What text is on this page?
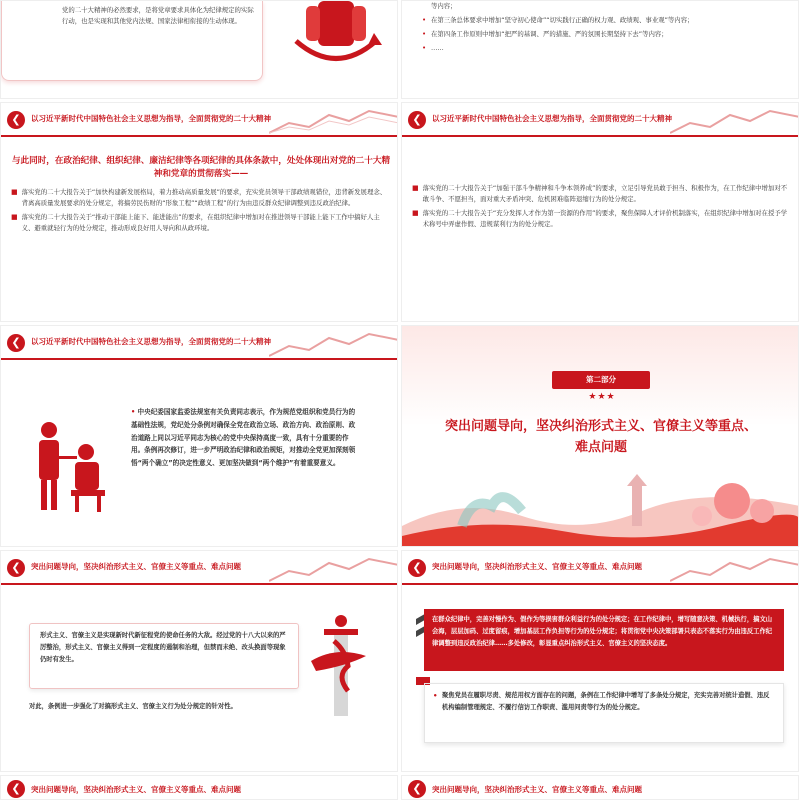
党的二十大精神的必然要求，是将党章要求具体化为纪律规定的实际行动，也是实现和其他党内法规、国家法律相衔接的生动体现。
等内容；
• 在第三条总体要求中增加“坚守初心使命”“切实践行正确的权力观、政绩观、事业观”等内容；
• 在第四条工作原则中增加“把严的基调、严的措施、严的氛围长期坚持下去”等内容；
• ……
❮	以习近平新时代中国特色社会主义思想为指导，全面贯彻党的二十大精神
与此同时，在政治纪律、组织纪律、廉洁纪律等各项纪律的具体条款中，处处体现出对党的二十大精神和党章的贯彻落实——
■ 落实党的二十大报告关于“加快构建新发展格局，着力推动高质量发展”的要求，充实党员领导干部政绩观错位，违背新发展理念、背离高质量发展要求的处分规定，将搞劳民伤财的“形象工程”“政绩工程”的行为由违反群众纪律调整到违反政治纪律。
■ 落实党的二十大报告关于“推动干部能上能下、能进能出”的要求，在组织纪律中增加对在推进领导干部能上能下工作中搞好人主义、避重就轻行为的处分规定，推动形成良好用人导向和从政环境。
❮	以习近平新时代中国特色社会主义思想为指导，全面贯彻党的二十大精神
■ 落实党的二十大报告关于“加强干部斗争精神和斗争本领养成”的要求，立足引导党员敢于担当、积极作为，在工作纪律中增加对不敢斗争、不愿担当，面对重大矛盾冲突、危机困难临阵退缩行为的处分规定。
■ 落实党的二十大报告关于“充分发挥人才作为第一资源的作用”的要求，聚焦保障人才评价机制落实，在组织纪律中增加对在授予学术称号中弄虚作假、违规谋利行为的处分规定。
❮	以习近平新时代中国特色社会主义思想为指导，全面贯彻党的二十大精神
• 中央纪委国家监委法规室有关负责同志表示，作为规范党组织和党员行为的基础性法规，党纪处分条例对确保全党在政治立场、政治方向、政治原则、政治道路上同以习近平同志为核心的党中央保持高度一致，具有十分重要的作用。条例再次修订，进一步严明政治纪律和政治规矩，对推动全党更加深刻领悟“两个确立”的决定性意义、更加坚决做到“两个维护”有着重要意义。
第二部分
★★★
突出问题导向，坚决纠治形式主义、官僚主义等重点、难点问题
❮	突出问题导向，坚决纠治形式主义、官僚主义等重点、难点问题
形式主义、官僚主义是实现新时代新征程党的使命任务的大敌。经过党的十八大以来的严厉整治，形式主义、官僚主义得到一定程度的遏制和治理，但禁而未绝、改头换面等现象仍时有发生。
对此，条例进一步强化了对搞形式主义、官僚主义行为处分规定的针对性。
❮	突出问题导向，坚决纠治形式主义、官僚主义等重点、难点问题
在群众纪律中，完善对慢作为、假作为等损害群众利益行为的处分规定；在工作纪律中，增写随意决策、机械执行，搞文山会海，层层加码、过度留痕，增加基层工作负担等行为的处分规定；将贯彻党中央决策部署只表态不落实行为由违反工作纪律调整到违反政治纪律……多处修改，彰显重点纠治形式主义、官僚主义的坚决态度。
• 聚焦党员在履职尽责、规范用权方面存在的问题，条例在工作纪律中增写了多条处分规定，充实完善对统计造假、违反机构编制管理规定、不履行信访工作职责、滥用问责等行为的处分规定。
❮	突出问题导向，坚决纠治形式主义、官僚主义等重点、难点问题	❮	突出问题导向，坚决纠治形式主义、官僚主义等重点、难点问题
